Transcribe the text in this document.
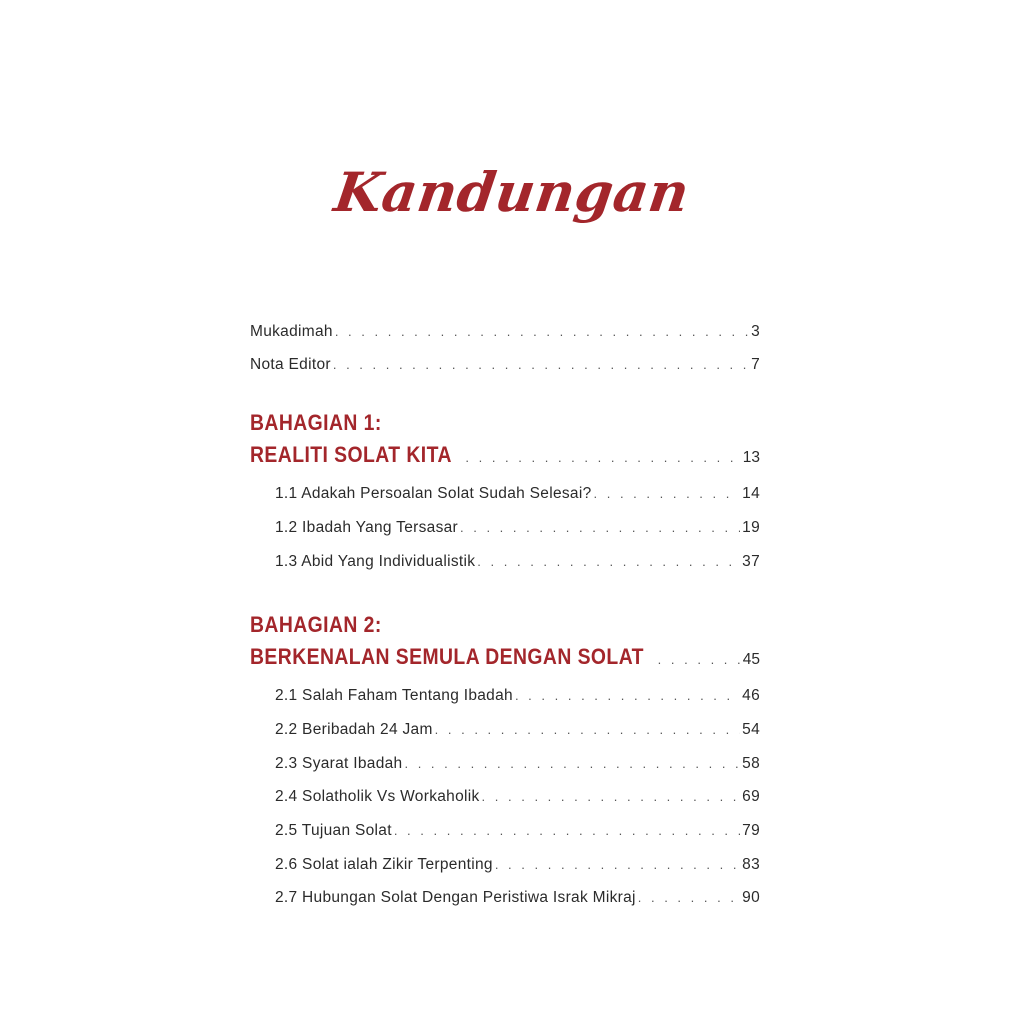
Kandungan
Mukadimah . . .	3
Nota Editor . . .	7
BAHAGIAN 1:
REALITI SOLAT KITA . . .	13
1.1 Adakah Persoalan Solat Sudah Selesai? . . .	14
1.2 Ibadah Yang Tersasar . . .	19
1.3 Abid Yang Individualistik . . .	37
BAHAGIAN 2:
BERKENALAN SEMULA DENGAN SOLAT . . .	45
2.1 Salah Faham Tentang Ibadah . . .	46
2.2 Beribadah 24 Jam . . .	54
2.3 Syarat Ibadah . . .	58
2.4 Solatholik Vs Workaholik . . .	69
2.5 Tujuan Solat . . .	79
2.6 Solat ialah Zikir Terpenting . . .	83
2.7 Hubungan Solat Dengan Peristiwa Israk Mikraj . . .	90
